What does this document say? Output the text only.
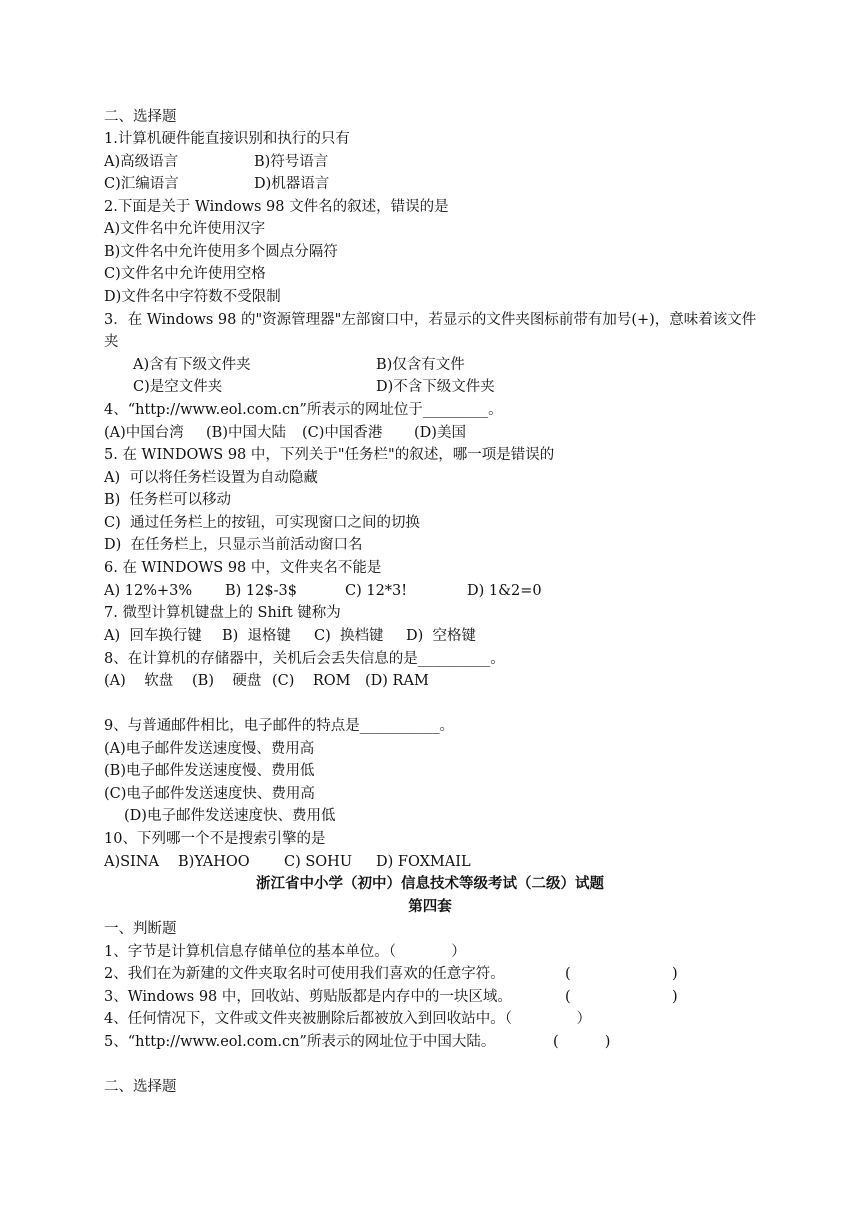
二、选择题
1.计算机硬件能直接识别和执行的只有
A)高级语言	B)符号语言
C)汇编语言	D)机器语言
2.下面是关于 Windows 98 文件名的叙述，错误的是
A)文件名中允许使用汉字
B)文件名中允许使用多个圆点分隔符
C)文件名中允许使用空格
D)文件名中字符数不受限制
3．在 Windows 98 的"资源管理器"左部窗口中，若显示的文件夹图标前带有加号(+)，意味着该文件
夹
A)含有下级文件夹	B)仅含有文件
C)是空文件夹	D)不含下级文件夹
4、“http://www.eol.com.cn”所表示的网址位于_________。
(A)中国台湾 (B)中国大陆 (C)中国香港 (D)美国
5. 在 WINDOWS 98 中，下列关于"任务栏"的叙述，哪一项是错误的
A)  可以将任务栏设置为自动隐藏
B)  任务栏可以移动
C)  通过任务栏上的按钮，可实现窗口之间的切换
D)  在任务栏上，只显示当前活动窗口名
6. 在 WINDOWS 98 中，文件夹名不能是
A) 12%+3% B) 12$-3$	C) 12*3!	D) 1&2=0
7. 微型计算机键盘上的 Shift 键称为
A)  回车换行键 B)  退格键 C)  换档键 D)  空格键
8、在计算机的存储器中，关机后会丢失信息的是__________。
(A)    软盘 (B)    硬盘 (C)    ROM (D) RAM
9、与普通邮件相比，电子邮件的特点是___________。
(A)电子邮件发送速度慢、费用高
(B)电子邮件发送速度慢、费用低
(C)电子邮件发送速度快、费用高
(D)电子邮件发送速度快、费用低
10、下列哪一个不是搜索引擎的是
A)SINA B)YAHOO C) SOHU D) FOXMAIL
浙江省中小学（初中）信息技术等级考试（二级）试题
第四套
一、判断题
1、字节是计算机信息存储单位的基本单位。（            ）
2、我们在为新建的文件夹取名时可使用我们喜欢的任意字符。	(                      )
3、Windows 98 中，回收站、剪贴版都是内存中的一块区域。	(                      )
4、任何情况下，文件或文件夹被删除后都被放入到回收站中。（              ）
5、“http://www.eol.com.cn”所表示的网址位于中国大陆。	(          )
二、选择题
